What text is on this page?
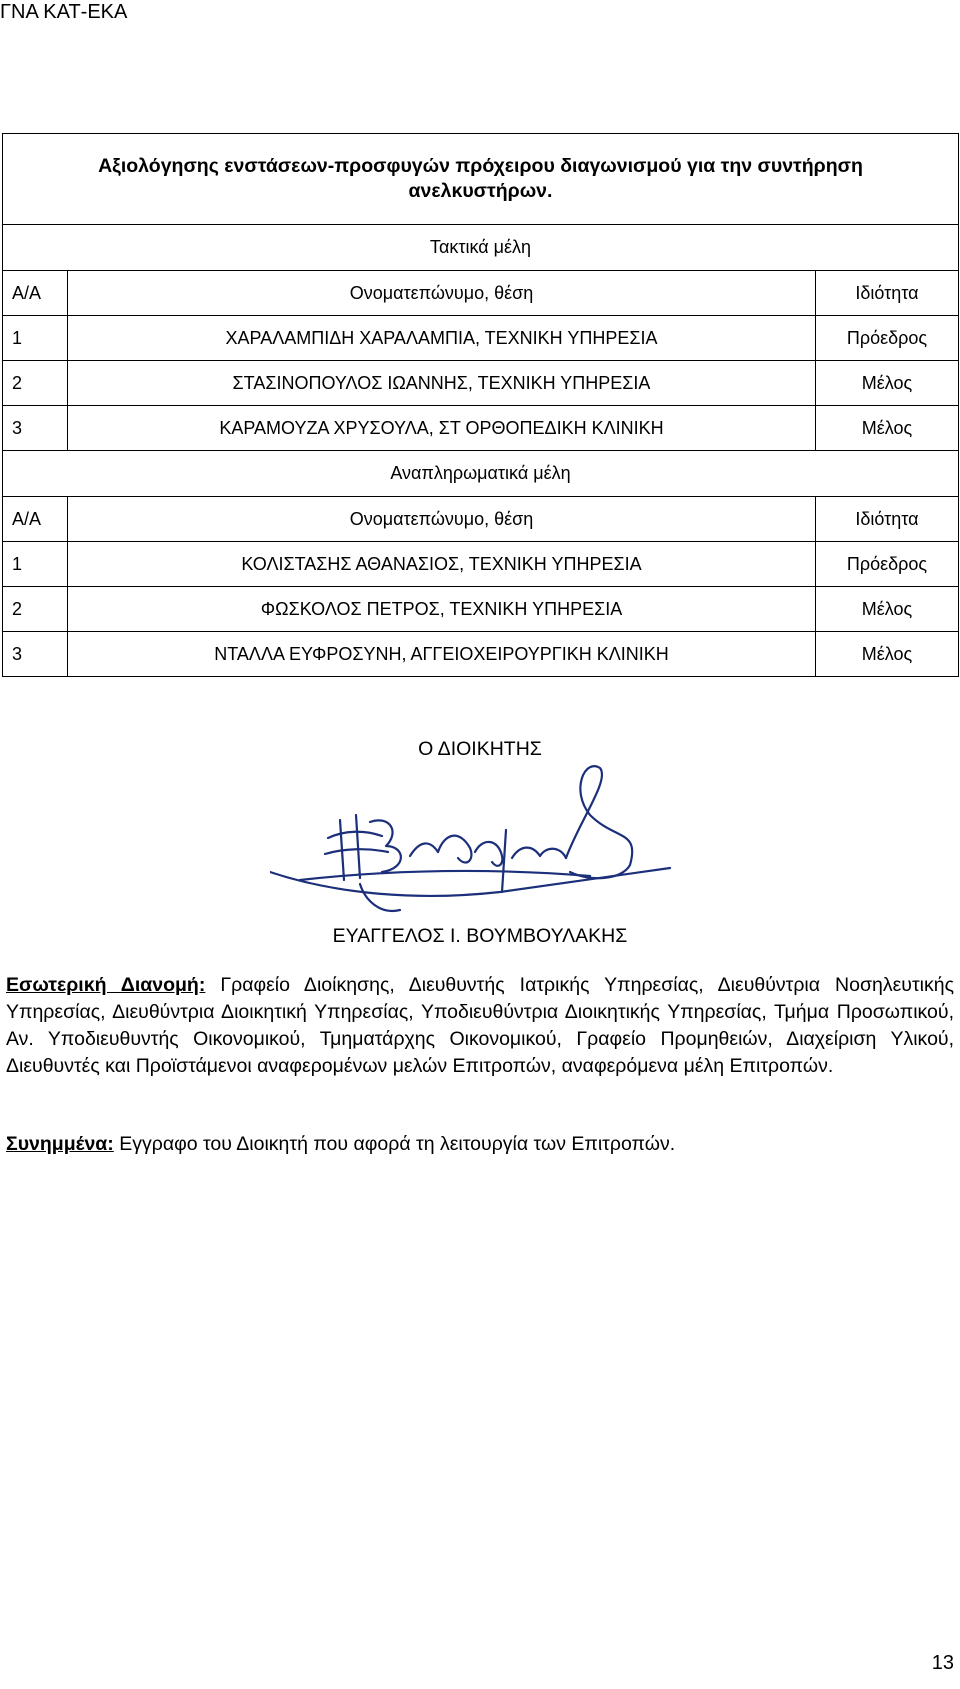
ΓΝΑ ΚΑΤ-ΕΚΑ
Αξιολόγησης ενστάσεων-προσφυγών πρόχειρου διαγωνισμού για την συντήρηση ανελκυστήρων.		
Τακτικά μέλη		
Α/Α	Ονοματεπώνυμο, θέση	Ιδιότητα
1	ΧΑΡΑΛΑΜΠΙΔΗ ΧΑΡΑΛΑΜΠΙΑ, ΤΕΧΝΙΚΗ ΥΠΗΡΕΣΙΑ	Πρόεδρος
2	ΣΤΑΣΙΝΟΠΟΥΛΟΣ ΙΩΑΝΝΗΣ, ΤΕΧΝΙΚΗ ΥΠΗΡΕΣΙΑ	Μέλος
3	ΚΑΡΑΜΟΥΖΑ ΧΡΥΣΟΥΛΑ, ΣΤ ΟΡΘΟΠΕΔΙΚΗ ΚΛΙΝΙΚΗ	Μέλος
Αναπληρωματικά μέλη		
Α/Α	Ονοματεπώνυμο, θέση	Ιδιότητα
1	ΚΟΛΙΣΤΑΣΗΣ ΑΘΑΝΑΣΙΟΣ, ΤΕΧΝΙΚΗ ΥΠΗΡΕΣΙΑ	Πρόεδρος
2	ΦΩΣΚΟΛΟΣ ΠΕΤΡΟΣ, ΤΕΧΝΙΚΗ ΥΠΗΡΕΣΙΑ	Μέλος
3	ΝΤΑΛΛΑ ΕΥΦΡΟΣΥΝΗ, ΑΓΓΕΙΟΧΕΙΡΟΥΡΓΙΚΗ ΚΛΙΝΙΚΗ	Μέλος
Ο ΔΙΟΙΚΗΤΗΣ
ΕΥΑΓΓΕΛΟΣ Ι. ΒΟΥΜΒΟΥΛΑΚΗΣ

Εσωτερική Διανομή: Γραφείο Διοίκησης, Διευθυντής Ιατρικής Υπηρεσίας, Διευθύντρια Νοσηλευτικής Υπηρεσίας, Διευθύντρια Διοικητική Υπηρεσίας, Υποδιευθύντρια Διοικητικής Υπηρεσίας, Τμήμα Προσωπικού, Αν. Υποδιευθυντής Οικονομικού, Τμηματάρχης Οικονομικού, Γραφείο Προμηθειών, Διαχείριση Υλικού, Διευθυντές και Προϊστάμενοι αναφερομένων μελών Επιτροπών, αναφερόμενα μέλη Επιτροπών.

Συνημμένα: Εγγραφο του Διοικητή που αφορά τη λειτουργία των Επιτροπών.

13
